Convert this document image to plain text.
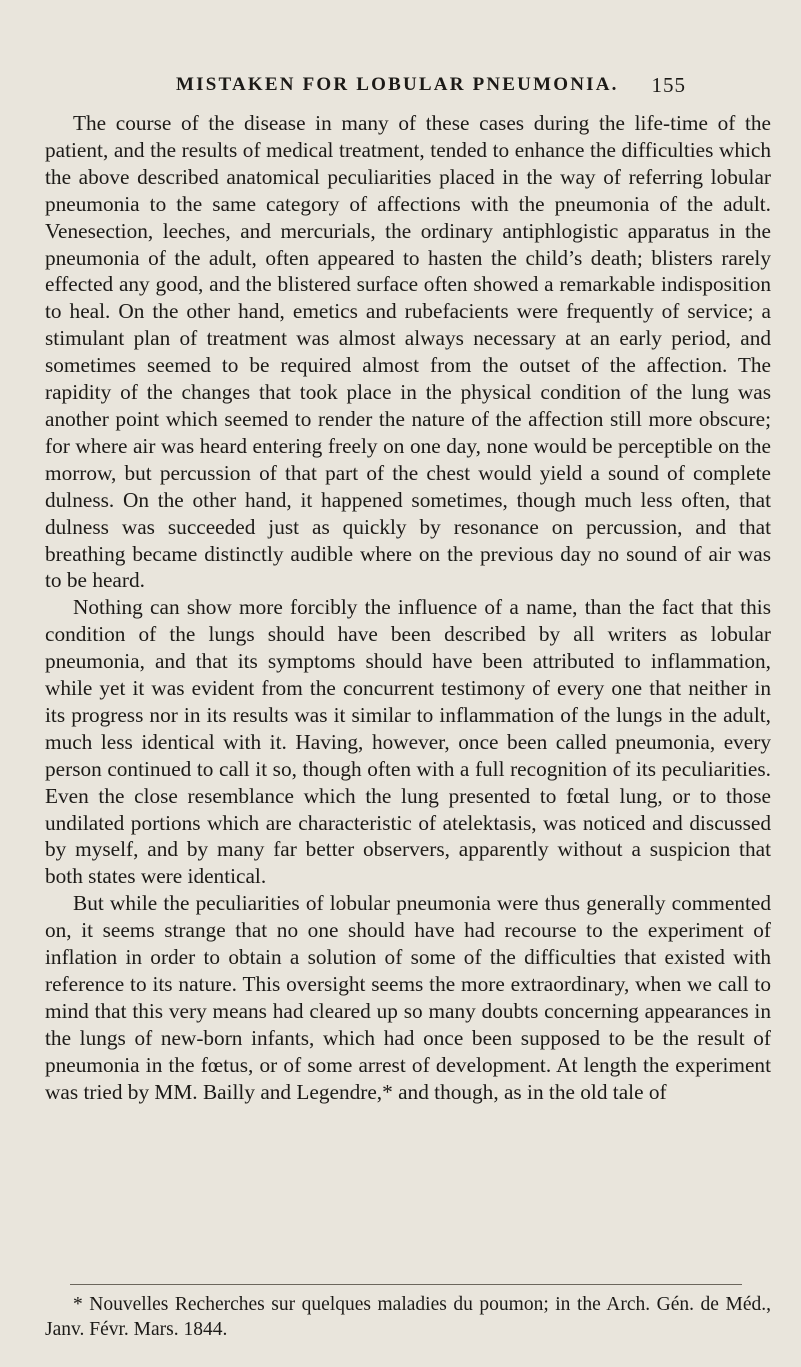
MISTAKEN FOR LOBULAR PNEUMONIA. 155

The course of the disease in many of these cases during the life-time of the patient, and the results of medical treatment, tended to enhance the difficulties which the above described anatomical peculiarities placed in the way of referring lobular pneumonia to the same category of affections with the pneumonia of the adult. Venesection, leeches, and mercurials, the ordinary antiphlogistic apparatus in the pneumonia of the adult, often appeared to hasten the child’s death; blisters rarely effected any good, and the blistered surface often showed a remarkable indisposition to heal. On the other hand, emetics and rubefacients were frequently of service; a stimulant plan of treatment was almost always necessary at an early period, and sometimes seemed to be required almost from the outset of the affection. The rapidity of the changes that took place in the physical condition of the lung was another point which seemed to render the nature of the affection still more obscure; for where air was heard entering freely on one day, none would be perceptible on the morrow, but percussion of that part of the chest would yield a sound of complete dulness. On the other hand, it happened sometimes, though much less often, that dulness was succeeded just as quickly by resonance on percussion, and that breathing became distinctly audible where on the previous day no sound of air was to be heard.

Nothing can show more forcibly the influence of a name, than the fact that this condition of the lungs should have been described by all writers as lobular pneumonia, and that its symptoms should have been attributed to inflammation, while yet it was evident from the concurrent testimony of every one that neither in its progress nor in its results was it similar to inflammation of the lungs in the adult, much less identical with it. Having, however, once been called pneumonia, every person continued to call it so, though often with a full recognition of its peculiarities. Even the close resemblance which the lung presented to fœtal lung, or to those undilated portions which are characteristic of atelektasis, was noticed and discussed by myself, and by many far better observers, apparently without a suspicion that both states were identical.

But while the peculiarities of lobular pneumonia were thus generally commented on, it seems strange that no one should have had recourse to the experiment of inflation in order to obtain a solution of some of the difficulties that existed with reference to its nature. This oversight seems the more extraordinary, when we call to mind that this very means had cleared up so many doubts concerning appearances in the lungs of new-born infants, which had once been supposed to be the result of pneumonia in the fœtus, or of some arrest of development. At length the experiment was tried by MM. Bailly and Legendre,* and though, as in the old tale of

* Nouvelles Recherches sur quelques maladies du poumon; in the Arch. Gén. de Méd., Janv. Févr. Mars. 1844.
